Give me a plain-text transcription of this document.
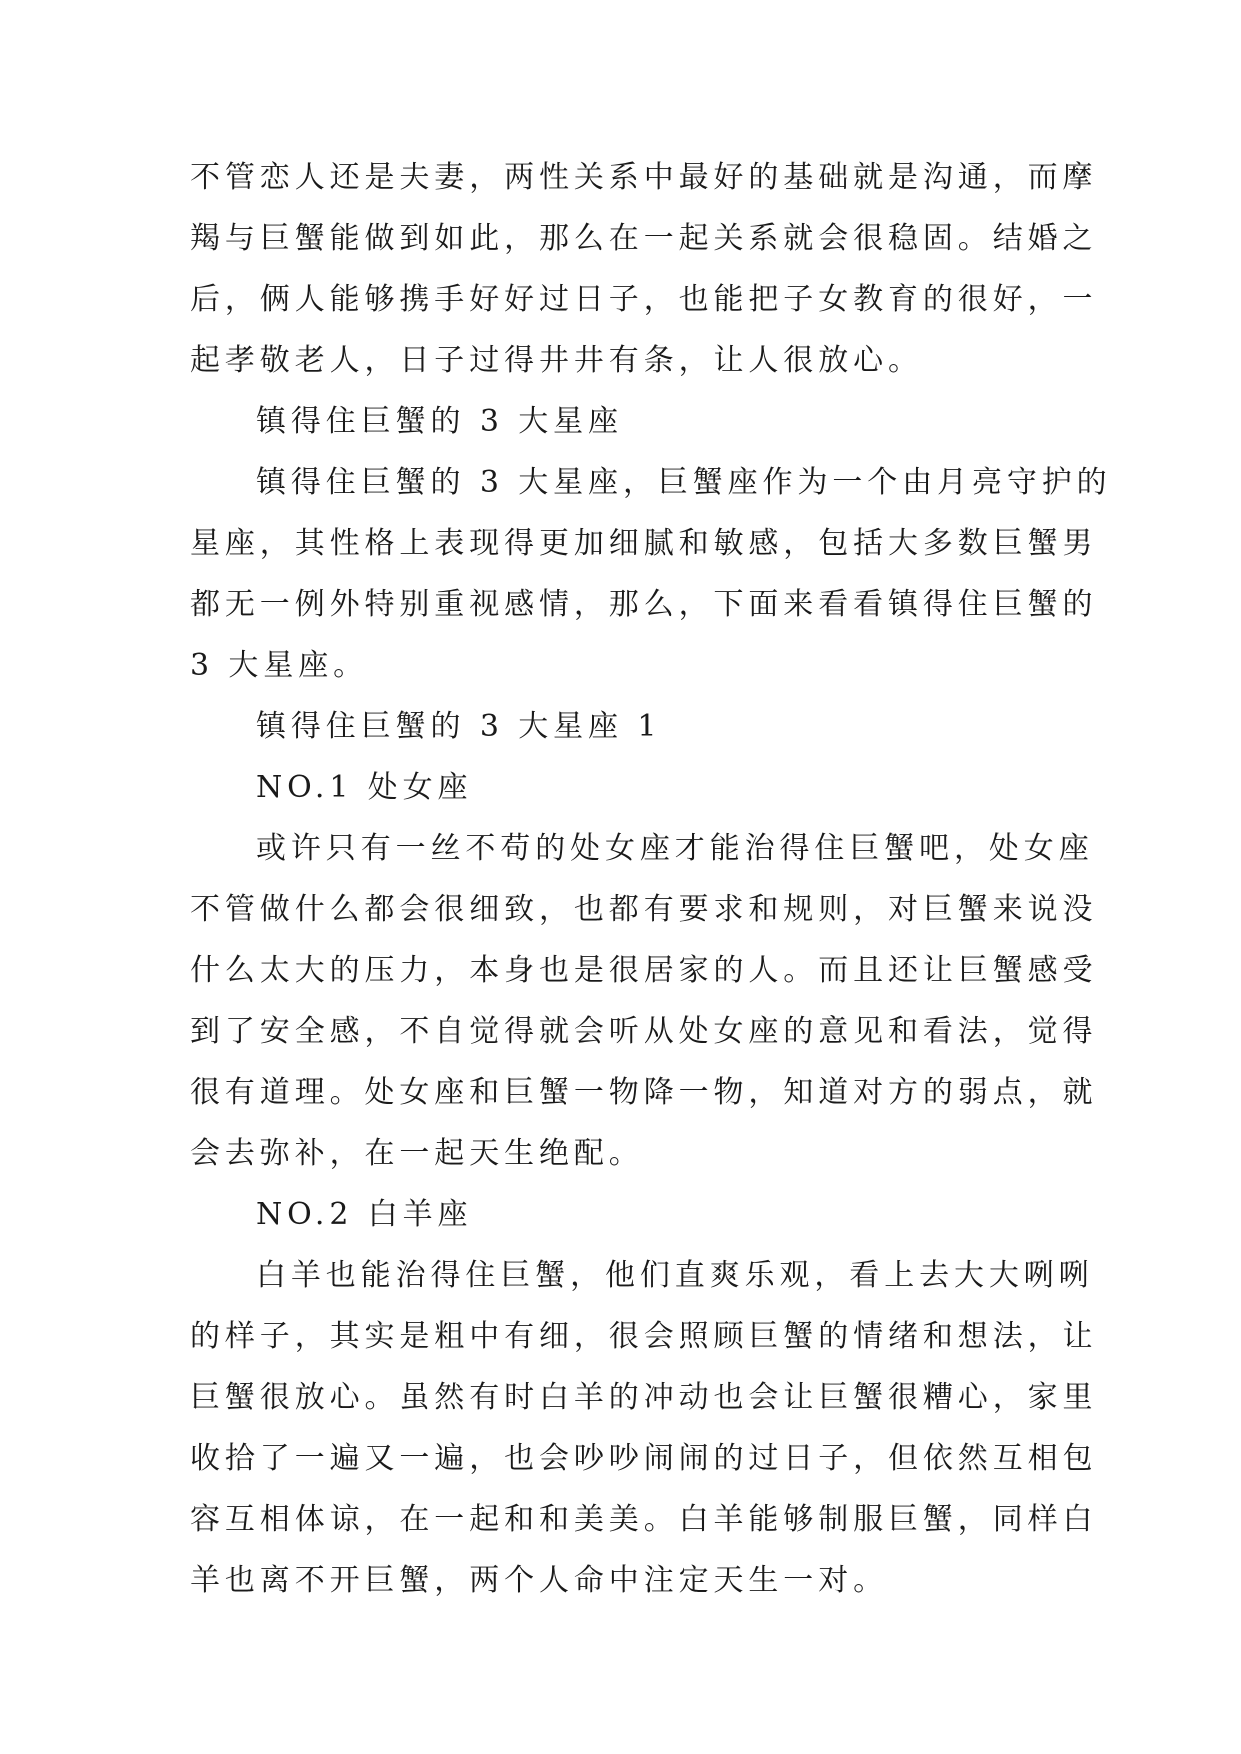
不管恋人还是夫妻，两性关系中最好的基础就是沟通，而摩
羯与巨蟹能做到如此，那么在一起关系就会很稳固。结婚之
后，俩人能够携手好好过日子，也能把子女教育的很好，一
起孝敬老人，日子过得井井有条，让人很放心。
镇得住巨蟹的 3 大星座
镇得住巨蟹的 3 大星座，巨蟹座作为一个由月亮守护的
星座，其性格上表现得更加细腻和敏感，包括大多数巨蟹男
都无一例外特别重视感情，那么，下面来看看镇得住巨蟹的
3 大星座。
镇得住巨蟹的 3 大星座 1
NO.1 处女座
或许只有一丝不苟的处女座才能治得住巨蟹吧，处女座
不管做什么都会很细致，也都有要求和规则，对巨蟹来说没
什么太大的压力，本身也是很居家的人。而且还让巨蟹感受
到了安全感，不自觉得就会听从处女座的意见和看法，觉得
很有道理。处女座和巨蟹一物降一物，知道对方的弱点，就
会去弥补，在一起天生绝配。
NO.2 白羊座
白羊也能治得住巨蟹，他们直爽乐观，看上去大大咧咧
的样子，其实是粗中有细，很会照顾巨蟹的情绪和想法，让
巨蟹很放心。虽然有时白羊的冲动也会让巨蟹很糟心，家里
收拾了一遍又一遍，也会吵吵闹闹的过日子，但依然互相包
容互相体谅，在一起和和美美。白羊能够制服巨蟹，同样白
羊也离不开巨蟹，两个人命中注定天生一对。
